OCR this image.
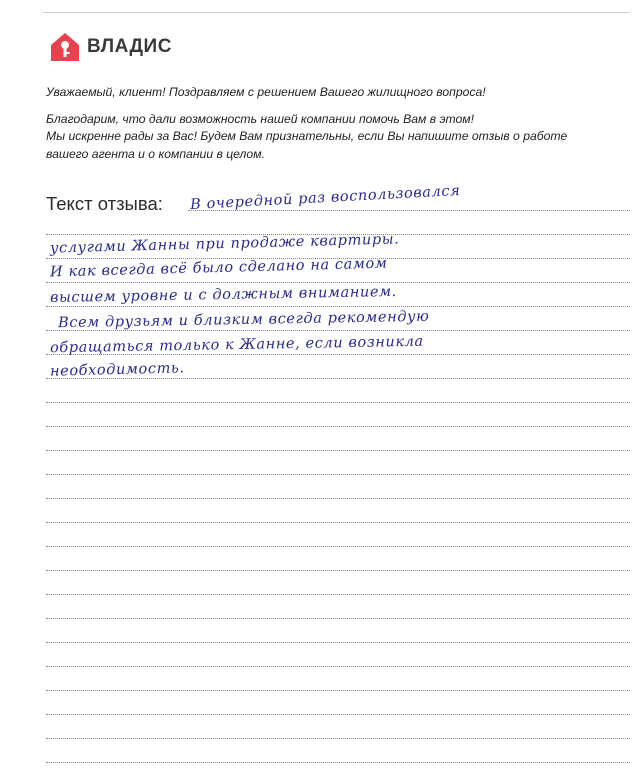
ВЛАДИС

Уважаемый, клиент! Поздравляем с решением Вашего жилищного вопроса!

Благодарим, что дали возможность нашей компании помочь Вам в этом!

Мы искренне рады за Вас! Будем Вам признательны, если Вы напишите отзыв о работе

вашего агента и о компании в целом.

Текст отзыва: В очередной раз воспользовался
услугами Жанны при продаже квартиры.
И как всегда всё было сделано на самом
высшем уровне и с должным вниманием.
Всем друзьям и близким всегда рекомендую
обращаться только к Жанне, если возникла
необходимость.
